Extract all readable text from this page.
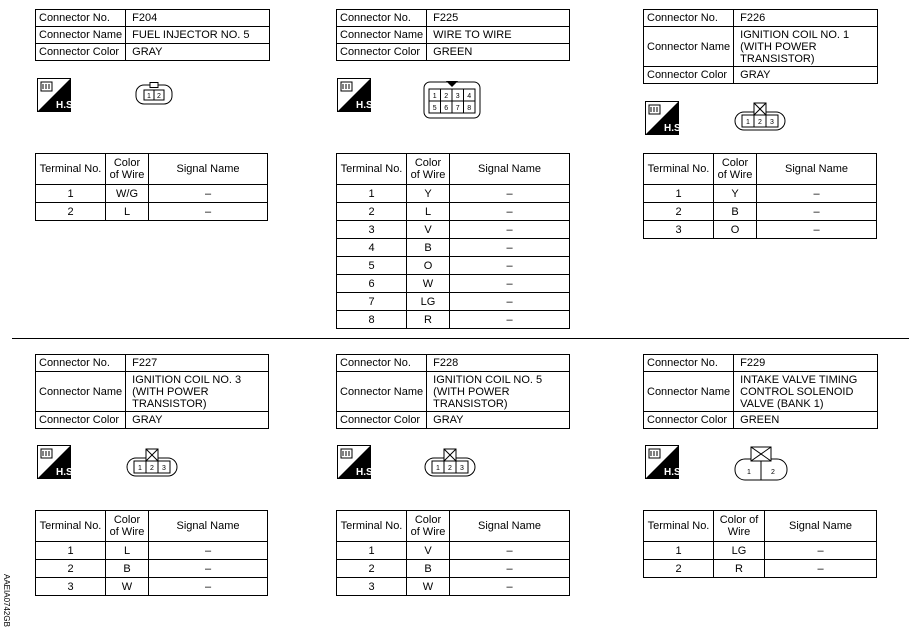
Connector No.	F204
Connector Name	FUEL INJECTOR NO. 5
Connector Color	GRAY
H.S.
1 2
Terminal No.	Color of Wire	Signal Name
1	W/G	–
2	L	–
Connector No.	F225
Connector Name	WIRE TO WIRE
Connector Color	GREEN
H.S.
1 2 3 4
5 6 7 8
Terminal No.	Color of Wire	Signal Name
1	Y	–
2	L	–
3	V	–
4	B	–
5	O	–
6	W	–
7	LG	–
8	R	–
Connector No.	F226
Connector Name	IGNITION COIL NO. 1 (WITH POWER TRANSISTOR)
Connector Color	GRAY
H.S.
1 2 3
Terminal No.	Color of Wire	Signal Name
1	Y	–
2	B	–
3	O	–
Connector No.	F227
Connector Name	IGNITION COIL NO. 3 (WITH POWER TRANSISTOR)
Connector Color	GRAY
H.S.	1 2 3
Terminal No.	Color of Wire	Signal Name
1	L	–
2	B	–
3	W	–
Connector No.	F228
Connector Name	IGNITION COIL NO. 5 (WITH POWER TRANSISTOR)
Connector Color	GRAY
H.S.	1 2 3
Terminal No.	Color of Wire	Signal Name
1	V	–
2	B	–
3	W	–
Connector No.	F229
Connector Name	INTAKE VALVE TIMING CONTROL SOLENOID VALVE (BANK 1)
Connector Color	GREEN
H.S.	1	2
Terminal No.	Color of Wire	Signal Name
1	LG	–
2	R	–
AAEIA0742GB
